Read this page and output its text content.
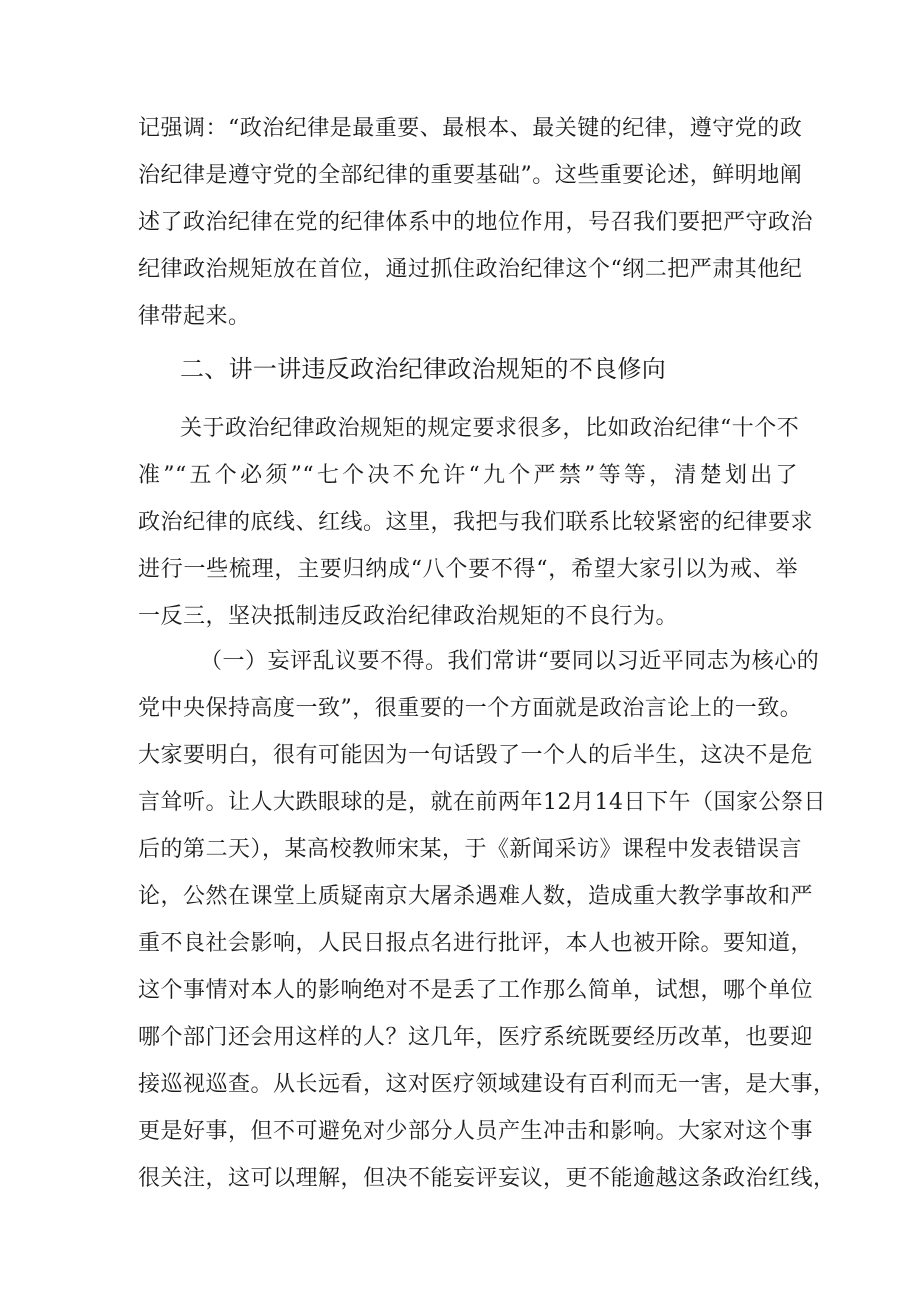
记强调：“政治纪律是最重要、最根本、最关键的纪律，遵守党的政
治纪律是遵守党的全部纪律的重要基础”。这些重要论述，鲜明地阐
述了政治纪律在党的纪律体系中的地位作用，号召我们要把严守政治
纪律政治规矩放在首位，通过抓住政治纪律这个“纲二把严肃其他纪
律带起来。
二、讲一讲违反政治纪律政治规矩的不良修向
关于政治纪律政治规矩的规定要求很多，比如政治纪律“十个不
准”“五个必须”“七个决不允许“九个严禁”等等，清楚划出了
政治纪律的底线、红线。这里，我把与我们联系比较紧密的纪律要求
进行一些梳理，主要归纳成“八个要不得“，希望大家引以为戒、举
一反三，坚决抵制违反政治纪律政治规矩的不良行为。
（一）妄评乱议要不得。我们常讲“要同以习近平同志为核心的
党中央保持高度一致”，很重要的一个方面就是政治言论上的一致。
大家要明白，很有可能因为一句话毁了一个人的后半生，这决不是危
言耸听。让人大跌眼球的是，就在前两年12月14日下午（国家公祭日
后的第二天），某高校教师宋某，于《新闻采访》课程中发表错误言
论，公然在课堂上质疑南京大屠杀遇难人数，造成重大教学事故和严
重不良社会影响，人民日报点名进行批评，本人也被开除。要知道，
这个事情对本人的影响绝对不是丢了工作那么简单，试想，哪个单位
哪个部门还会用这样的人？这几年，医疗系统既要经历改革，也要迎
接巡视巡查。从长远看，这对医疗领域建设有百利而无一害，是大事，
更是好事，但不可避免对少部分人员产生冲击和影响。大家对这个事
很关注，这可以理解，但决不能妄评妄议，更不能逾越这条政治红线，
